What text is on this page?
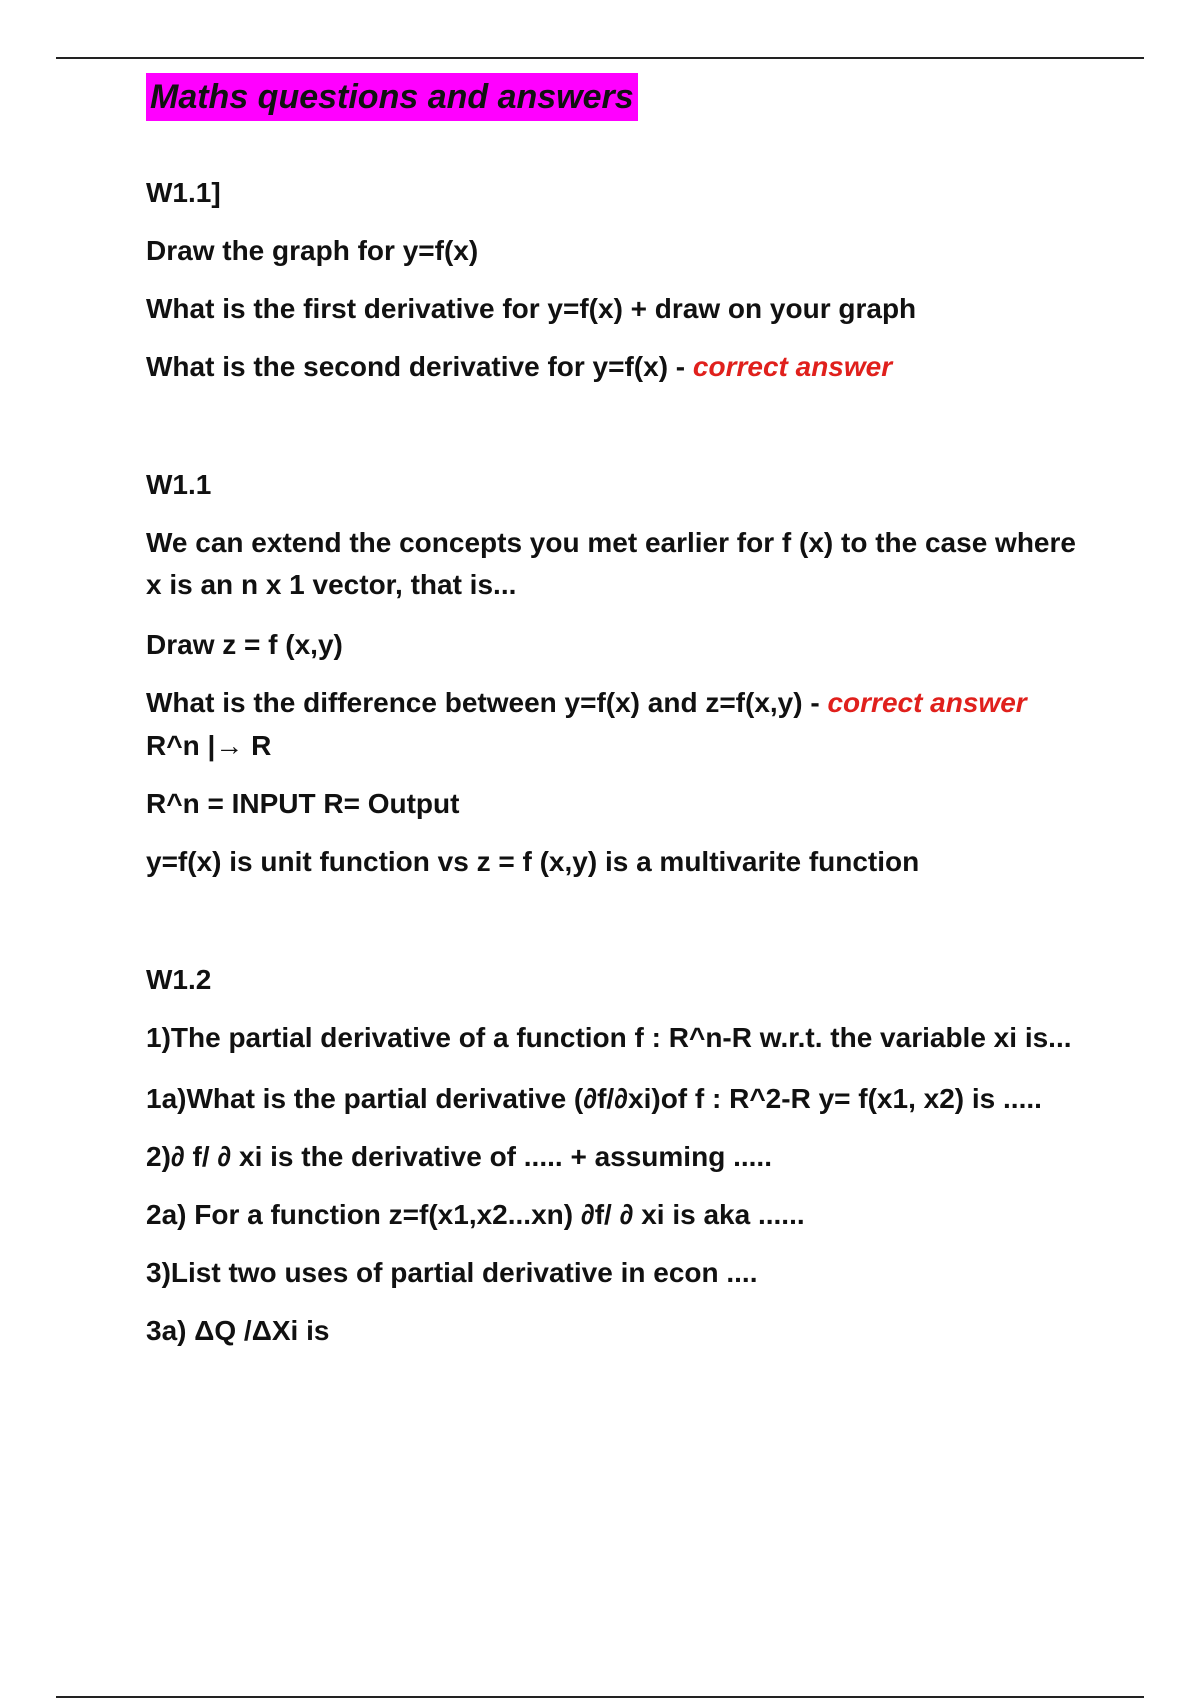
Maths questions and answers
W1.1]
Draw the graph for y=f(x)
What is the first derivative for y=f(x) + draw on your graph
What is the second derivative for y=f(x) - correct answer
W1.1
We can extend the concepts you met earlier for f (x) to the case where x is an n x 1 vector, that is...
Draw z = f (x,y)
What is the difference between y=f(x) and z=f(x,y) - correct answer
R^n |→ R
R^n = INPUT R= Output
y=f(x) is unit function vs z = f (x,y) is a multivarite function
W1.2
1)The partial derivative of a function f : R^n-R w.r.t. the variable xi is...
1a)What is the partial derivative (∂f/∂xi)of f : R^2-R y= f(x1, x2) is .....
2)∂ f/ ∂ xi is the derivative of ..... + assuming .....
2a) For a function z=f(x1,x2...xn) ∂f/ ∂ xi is aka ......
3)List two uses of partial derivative in econ ....
3a) ΔQ /ΔXi is
